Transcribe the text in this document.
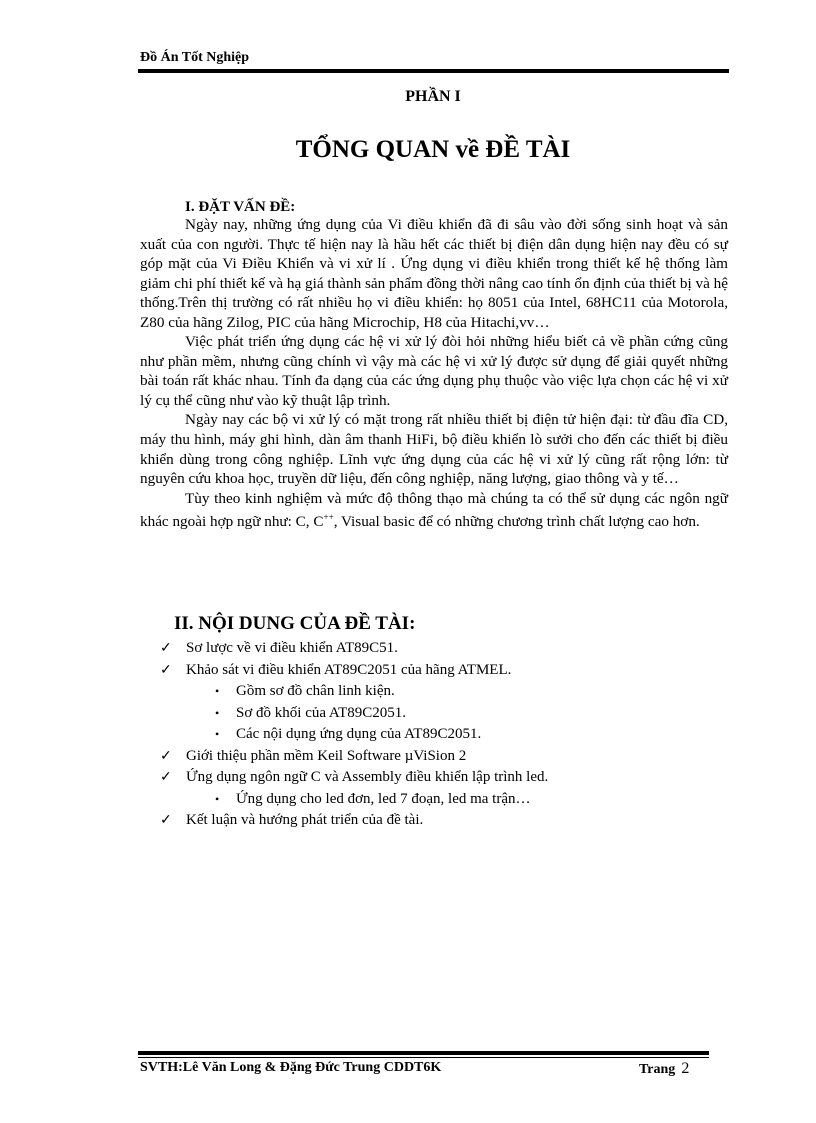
Đồ Án Tốt Nghiệp
PHẦN I
TỔNG QUAN về ĐỀ TÀI
I. ĐẶT VẤN ĐỀ:

Ngày nay, những ứng dụng của Vi điều khiển đã đi sâu vào đời sống sinh hoạt và sản xuất của con người. Thực tế hiện nay là hầu hết các thiết bị điện dân dụng hiện nay đều có sự góp mặt của Vi Điều Khiển và vi xử lí . Ứng dụng vi điều khiển trong thiết kế hệ thống làm giảm chi phí thiết kế và hạ giá thành sản phẩm đồng thời nâng cao tính ổn định của thiết bị và hệ thống.Trên thị trường có rất nhiều họ vi điều khiển: họ 8051 của Intel, 68HC11 của Motorola, Z80 của hãng Zilog, PIC của hãng Microchip, H8 của Hitachi,vv…

Việc phát triển ứng dụng các hệ vi xử lý đòi hỏi những hiểu biết cả về phần cứng cũng như phần mềm, nhưng cũng chính vì vậy mà các hệ vi xử lý được sử dụng để giải quyết những bài toán rất khác nhau. Tính đa dạng của các ứng dụng phụ thuộc vào việc lựa chọn các hệ vi xử lý cụ thể cũng như vào kỹ thuật lập trình.

Ngày nay các bộ vi xử lý có mặt trong rất nhiều thiết bị điện tử hiện đại: từ đầu đĩa CD, máy thu hình, máy ghi hình, dàn âm thanh HiFi, bộ điều khiển lò sưởi cho đến các thiết bị điều khiển dùng trong công nghiệp. Lĩnh vực ứng dụng của các hệ vi xử lý cũng rất rộng lớn: từ nguyên cứu khoa học, truyền dữ liệu, đến công nghiệp, năng lượng, giao thông và y tế…

Tùy theo kinh nghiệm và mức độ thông thạo mà chúng ta có thể sử dụng các ngôn ngữ khác ngoài hợp ngữ như: C, C++, Visual basic để có những chương trình chất lượng cao hơn.

II. NỘI DUNG CỦA ĐỀ TÀI:
✓ Sơ lược về vi điều khiển AT89C51.
✓ Khảo sát vi điều khiển AT89C2051 của hãng ATMEL.
•	Gồm sơ đồ chân linh kiện.
•	Sơ đồ khối của AT89C2051.
•	Các nội dụng ứng dụng của AT89C2051.
✓ Giới thiệu phần mềm Keil Software µViSion 2
✓ Ứng dụng ngôn ngữ C và Assembly điều khiển lập trình led.
•	Ứng dụng cho led đơn, led 7 đoạn, led ma trận…
✓ Kết luận và hướng phát triển của đề tài.
SVTH:Lê Văn Long & Đặng Đức Trung CDDT6K	Trang 2
